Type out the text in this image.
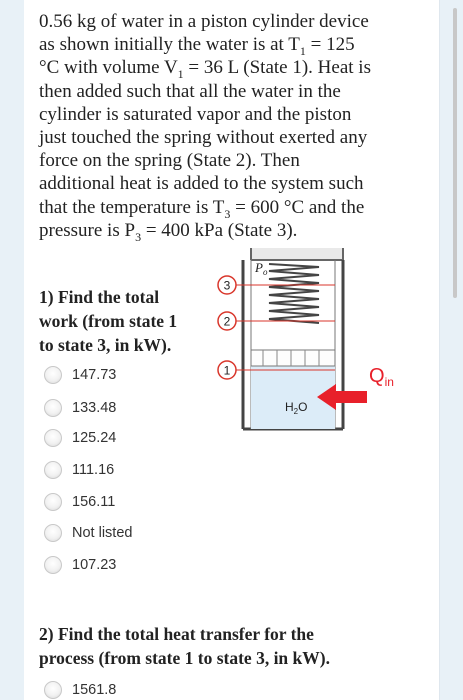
0.56 kg of water in a piston cylinder device
as shown initially the water is at $T_1 = 125$
°C with volume $V_1 = 36$ L (State 1). Heat is
then added such that all the water in the
cylinder is saturated vapor and the piston
just touched the spring without exerted any
force on the spring (State 2). Then
additional heat is added to the system such
that the temperature is $T_3 = 600$ °C and the
pressure is $P_3 = 400$ kPa (State 3).
1) Find the total
work (from state 1
to state 3, in kW).
147.73
133.48
125.24
111.16
156.11
Not listed
107.23
2) Find the total heat transfer for the
process (from state 1 to state 3, in kW).
1561.8
$P_o$
3
2
1
$H_2O$
$Q_{in}$
